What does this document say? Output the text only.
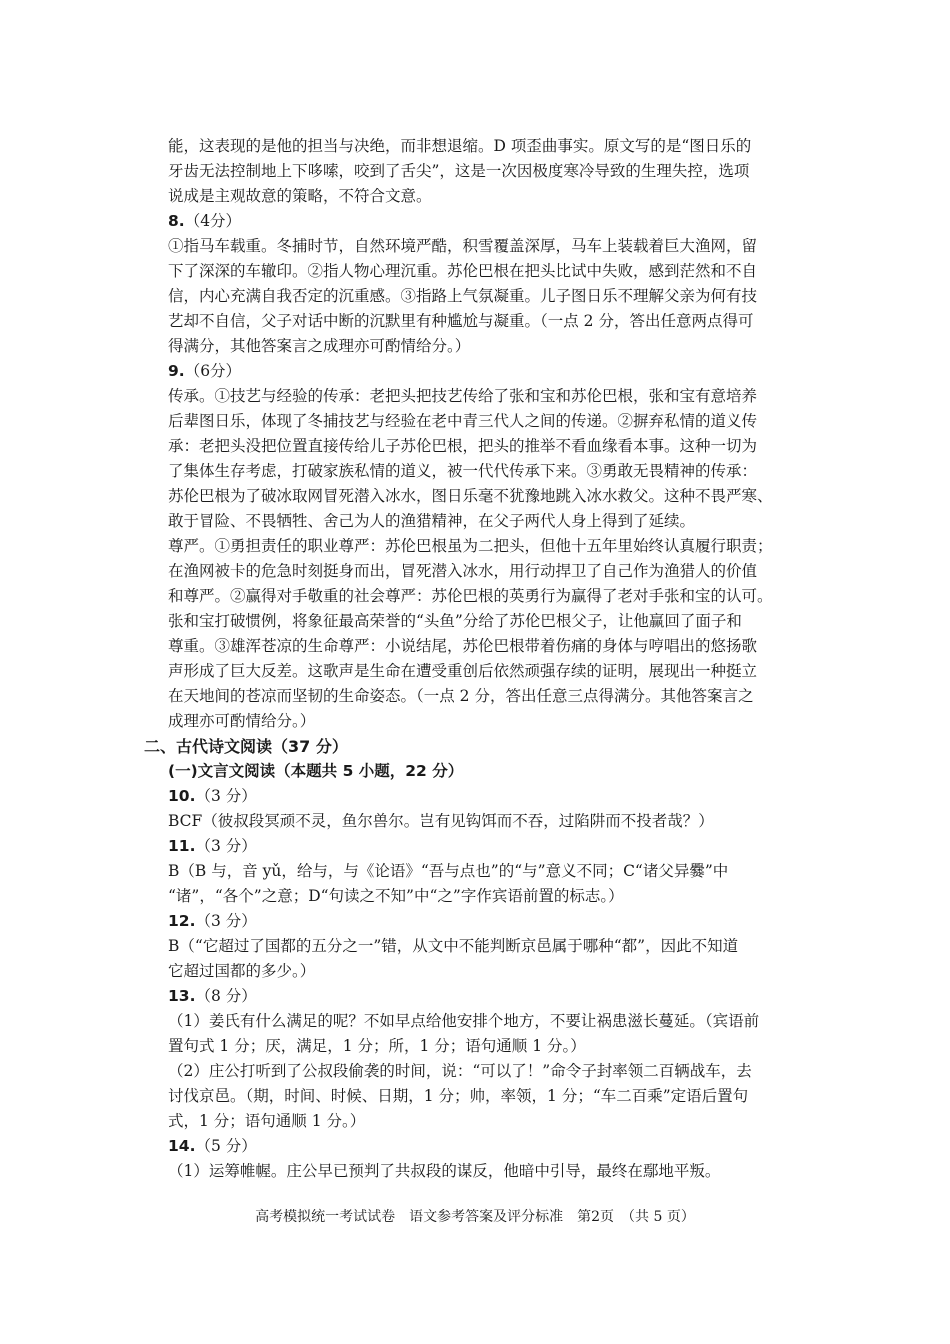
能，这表现的是他的担当与决绝，而非想退缩。D 项歪曲事实。原文写的是“图日乐的
牙齿无法控制地上下哆嗦，咬到了舌尖”，这是一次因极度寒冷导致的生理失控，选项
说成是主观故意的策略，不符合文意。
8.（4分）
①指马车载重。冬捕时节，自然环境严酷，积雪覆盖深厚，马车上装载着巨大渔网，留
下了深深的车辙印。②指人物心理沉重。苏伦巴根在把头比试中失败，感到茫然和不自
信，内心充满自我否定的沉重感。③指路上气氛凝重。儿子图日乐不理解父亲为何有技
艺却不自信，父子对话中断的沉默里有种尴尬与凝重。（一点 2 分，答出任意两点得可
得满分，其他答案言之成理亦可酌情给分。）
9.（6分）
传承。①技艺与经验的传承：老把头把技艺传给了张和宝和苏伦巴根，张和宝有意培养
后辈图日乐，体现了冬捕技艺与经验在老中青三代人之间的传递。②摒弃私情的道义传
承：老把头没把位置直接传给儿子苏伦巴根，把头的推举不看血缘看本事。这种一切为
了集体生存考虑，打破家族私情的道义，被一代代传承下来。③勇敢无畏精神的传承：
苏伦巴根为了破冰取网冒死潜入冰水，图日乐毫不犹豫地跳入冰水救父。这种不畏严寒、
敢于冒险、不畏牺牲、舍己为人的渔猎精神，在父子两代人身上得到了延续。
尊严。①勇担责任的职业尊严：苏伦巴根虽为二把头，但他十五年里始终认真履行职责；
在渔网被卡的危急时刻挺身而出，冒死潜入冰水，用行动捍卫了自己作为渔猎人的价值
和尊严。②赢得对手敬重的社会尊严：苏伦巴根的英勇行为赢得了老对手张和宝的认可。
张和宝打破惯例，将象征最高荣誉的“头鱼”分给了苏伦巴根父子，让他赢回了面子和
尊重。③雄浑苍凉的生命尊严：小说结尾，苏伦巴根带着伤痛的身体与哼唱出的悠扬歌
声形成了巨大反差。这歌声是生命在遭受重创后依然顽强存续的证明，展现出一种挺立
在天地间的苍凉而坚韧的生命姿态。（一点 2 分，答出任意三点得满分。其他答案言之
成理亦可酌情给分。）
二、古代诗文阅读（37 分）
(一)文言文阅读（本题共 5 小题，22 分）
10.（3 分）
BCF（彼叔段冥顽不灵，鱼尔兽尔。岂有见钩饵而不吞，过陷阱而不投者哉？）
11.（3 分）
B（B 与，音 yǔ，给与，与《论语》“吾与点也”的“与”意义不同；C“诸父异爨”中
“诸”，“各个”之意；D“句读之不知”中“之”字作宾语前置的标志。）
12.（3 分）
B（“它超过了国都的五分之一”错，从文中不能判断京邑属于哪种“都”，因此不知道
它超过国都的多少。）
13.（8 分）
（1）姜氏有什么满足的呢？不如早点给他安排个地方，不要让祸患滋长蔓延。（宾语前
置句式 1 分；厌，满足，1 分；所，1 分；语句通顺 1 分。）
（2）庄公打听到了公叔段偷袭的时间，说：“可以了！”命令子封率领二百辆战车，去
讨伐京邑。（期，时间、时候、日期，1 分；帅，率领，1 分；“车二百乘”定语后置句
式，1 分；语句通顺 1 分。）
14.（5 分）
（1）运筹帷幄。庄公早已预判了共叔段的谋反，他暗中引导，最终在鄢地平叛。
高考模拟统一考试试卷　语文参考答案及评分标准　第2页　（共 5 页）
